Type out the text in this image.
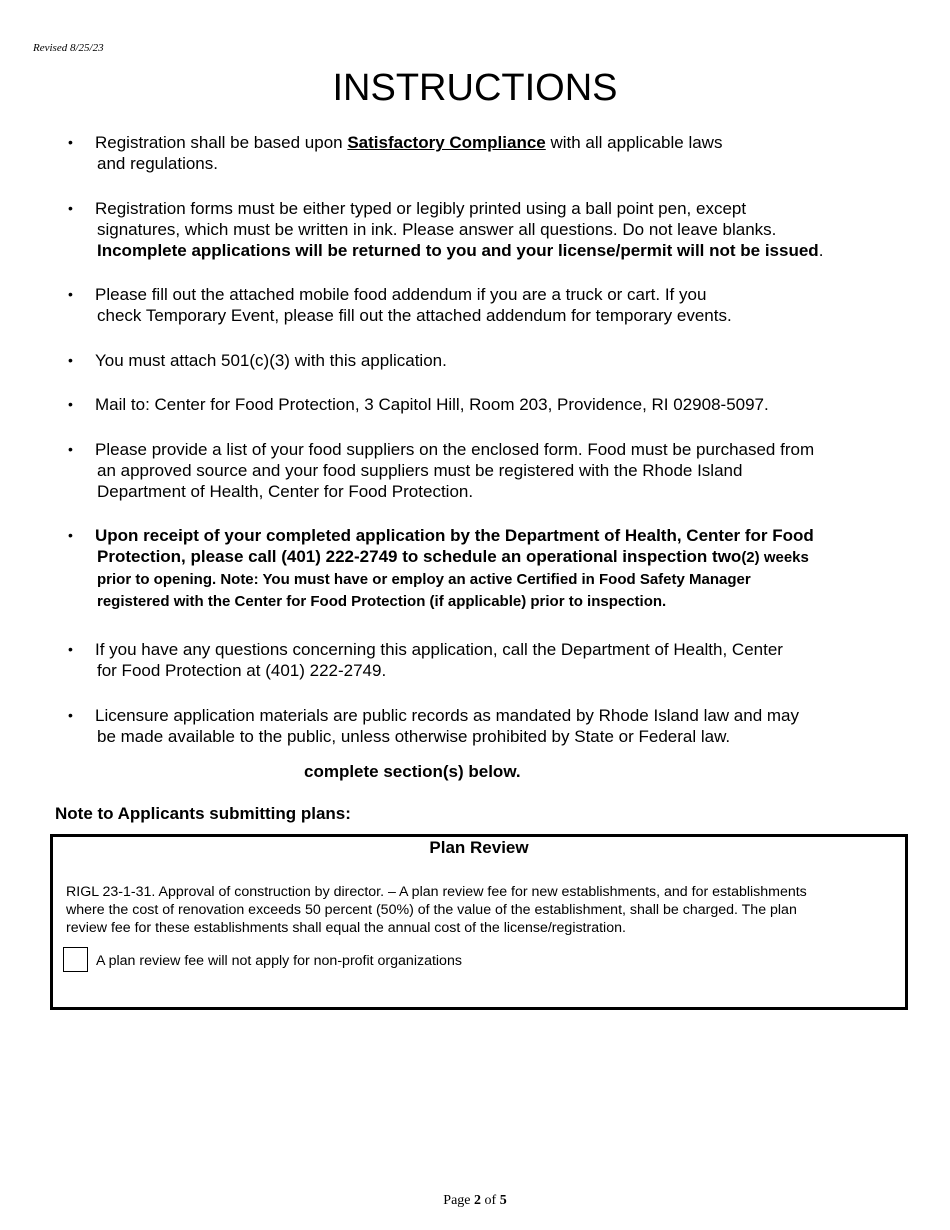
Revised 8/25/23
INSTRUCTIONS
• Registration shall be based upon Satisfactory Compliance with all applicable laws
and regulations.
• Registration forms must be either typed or legibly printed using a ball point pen, except
signatures, which must be written in ink. Please answer all questions. Do not leave blanks.
Incomplete applications will be returned to you and your license/permit will not be issued.
• Please fill out the attached mobile food addendum if you are a truck or cart. If you
check Temporary Event, please fill out the attached addendum for temporary events.
• You must attach 501(c)(3) with this application.
• Mail to: Center for Food Protection, 3 Capitol Hill, Room 203, Providence, RI 02908-5097.
• Please provide a list of your food suppliers on the enclosed form. Food must be purchased from
an approved source and your food suppliers must be registered with the Rhode Island
Department of Health, Center for Food Protection.
• Upon receipt of your completed application by the Department of Health, Center for Food
Protection, please call (401) 222-2749 to schedule an operational inspection two(2) weeks
prior to opening. Note: You must have or employ an active Certified in Food Safety Manager
registered with the Center for Food Protection (if applicable) prior to inspection.
• If you have any questions concerning this application, call the Department of Health, Center
for Food Protection at (401) 222-2749.
• Licensure application materials are public records as mandated by Rhode Island law and may
be made available to the public, unless otherwise prohibited by State or Federal law.
complete section(s) below.
Note to Applicants submitting plans:
Plan Review
RIGL 23-1-31. Approval of construction by director. – A plan review fee for new establishments, and for establishments
where the cost of renovation exceeds 50 percent (50%) of the value of the establishment, shall be charged. The plan
review fee for these establishments shall equal the annual cost of the license/registration.
A plan review fee will not apply for non-profit organizations
Page 2 of 5
